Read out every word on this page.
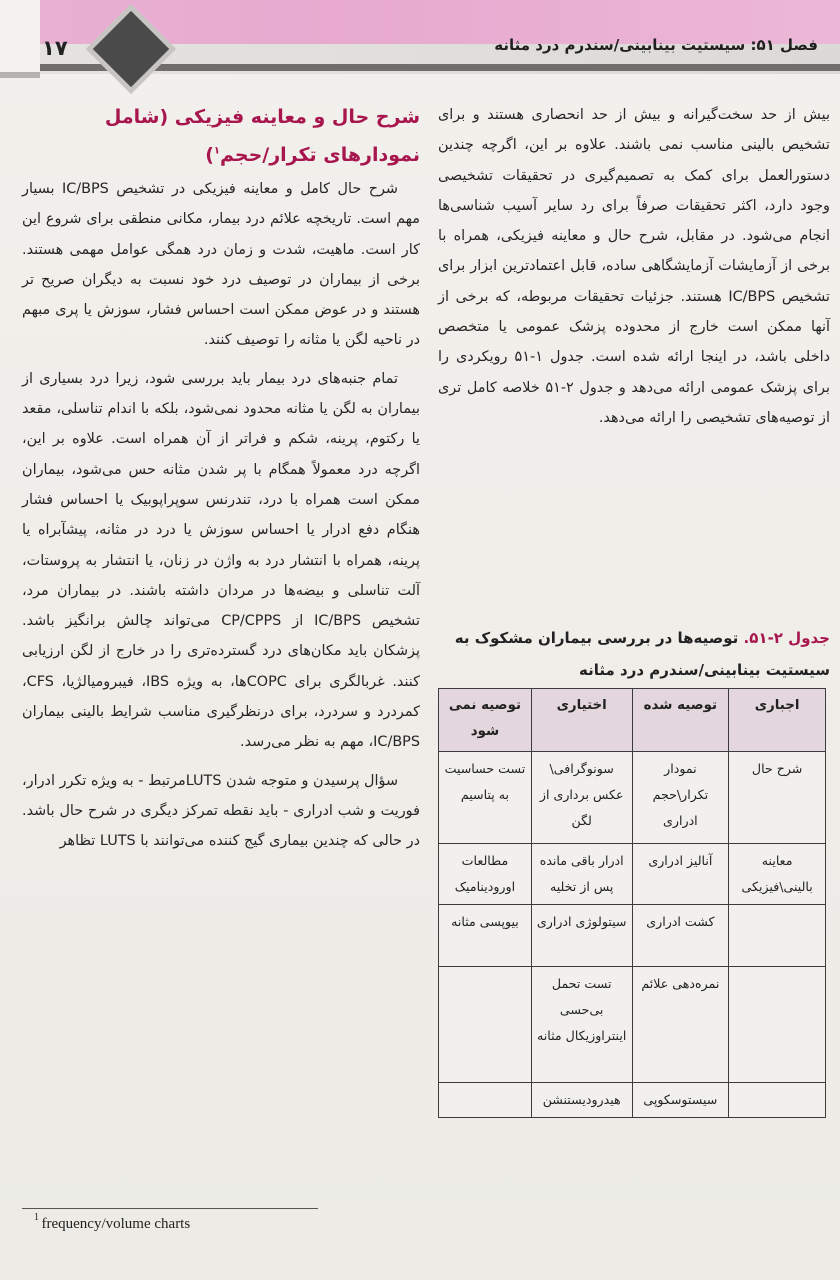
۱۷	فصل ۵۱: سیستیت بینابینی/سندرم درد مثانه

بیش از حد سخت‌گیرانه و بیش از حد انحصاری هستند و برای تشخیص بالینی مناسب نمی باشند. علاوه بر این، اگرچه چندین دستورالعمل برای کمک به تصمیم‌گیری در تحقیقات تشخیصی وجود دارد، اکثر تحقیقات صرفاً برای رد سایر آسیب شناسی‌ها انجام می‌شود. در مقابل، شرح حال و معاینه فیزیکی، همراه با برخی از آزمایشات آزمایشگاهی ساده، قابل اعتمادترین ابزار برای تشخیص IC/BPS هستند. جزئیات تحقیقات مربوطه، که برخی از آنها ممکن است خارج از محدوده پزشک عمومی یا متخصص داخلی باشد، در اینجا ارائه شده است. جدول ۱-۵۱ رویکردی را برای پزشک عمومی ارائه می‌دهد و جدول ۲-۵۱ خلاصه کامل تری از توصیه‌های تشخیصی را ارائه می‌دهد.

جدول ۲-۵۱. توصیه‌ها در بررسی بیماران مشکوک به سیستیت بینابینی/سندرم درد مثانه
اجباری	توصیه شده	اختیاری	توصیه نمی شود
شرح حال	نمودار تکرار\حجم ادراری	سونوگرافی\ عکس برداری از لگن	تست حساسیت به پتاسیم
معاینه بالینی\فیزیکی	آنالیز ادراری	ادرار باقی مانده پس از تخلیه	مطالعات اورودینامیک
	کشت ادراری	سیتولوژی ادراری	بیوپسی مثانه
	نمره‌دهی علائم	تست تحمل بی‌حسی اینتراوزیکال مثانه	
	سیستوسکوپی	هیدرودیستنشن	

شرح حال و معاینه فیزیکی (شامل نمودارهای تکرار/حجم$^۱$)

شرح حال کامل و معاینه فیزیکی در تشخیص IC/BPS بسیار مهم است. تاریخچه علائم درد بیمار، مکانی منطقی برای شروع این کار است. ماهیت، شدت و زمان درد همگی عوامل مهمی هستند. برخی از بیماران در توصیف درد خود نسبت به دیگران صریح تر هستند و در عوض ممکن است احساس فشار، سوزش یا پری مبهم در ناحیه لگن یا مثانه را توصیف کنند.

تمام جنبه‌های درد بیمار باید بررسی شود، زیرا درد بسیاری از بیماران به لگن یا مثانه محدود نمی‌شود، بلکه با اندام تناسلی، مقعد یا رکتوم، پرینه، شکم و فراتر از آن همراه است. علاوه بر این، اگرچه درد معمولاً همگام با پر شدن مثانه حس می‌شود، بیماران ممکن است همراه با درد، تندرنس سوپراپوبیک یا احساس فشار هنگام دفع ادرار یا احساس سوزش یا درد در مثانه، پیشآبراه یا پرینه، همراه با انتشار درد به واژن در زنان، یا انتشار به پروستات، آلت تناسلی و بیضه‌ها در مردان داشته باشند. در بیماران مرد، تشخیص IC/BPS از CP/CPPS می‌تواند چالش برانگیز باشد. پزشکان باید مکان‌های درد گسترده‌تری را در خارج از لگن ارزیابی کنند. غربالگری برای COPCها، به ویژه IBS، فیبرومیالژیا، CFS، کمردرد و سردرد، برای درنظرگیری مناسب شرایط بالینی بیماران IC/BPS، مهم به نظر می‌رسد.

سؤال پرسیدن و متوجه شدن LUTSمرتبط - به ویژه تکرر ادرار، فوریت و شب ادراری - باید نقطه تمرکز دیگری در شرح حال باشد. در حالی که چندین بیماری گیج کننده می‌توانند با LUTS تظاهر

1 frequency/volume charts
